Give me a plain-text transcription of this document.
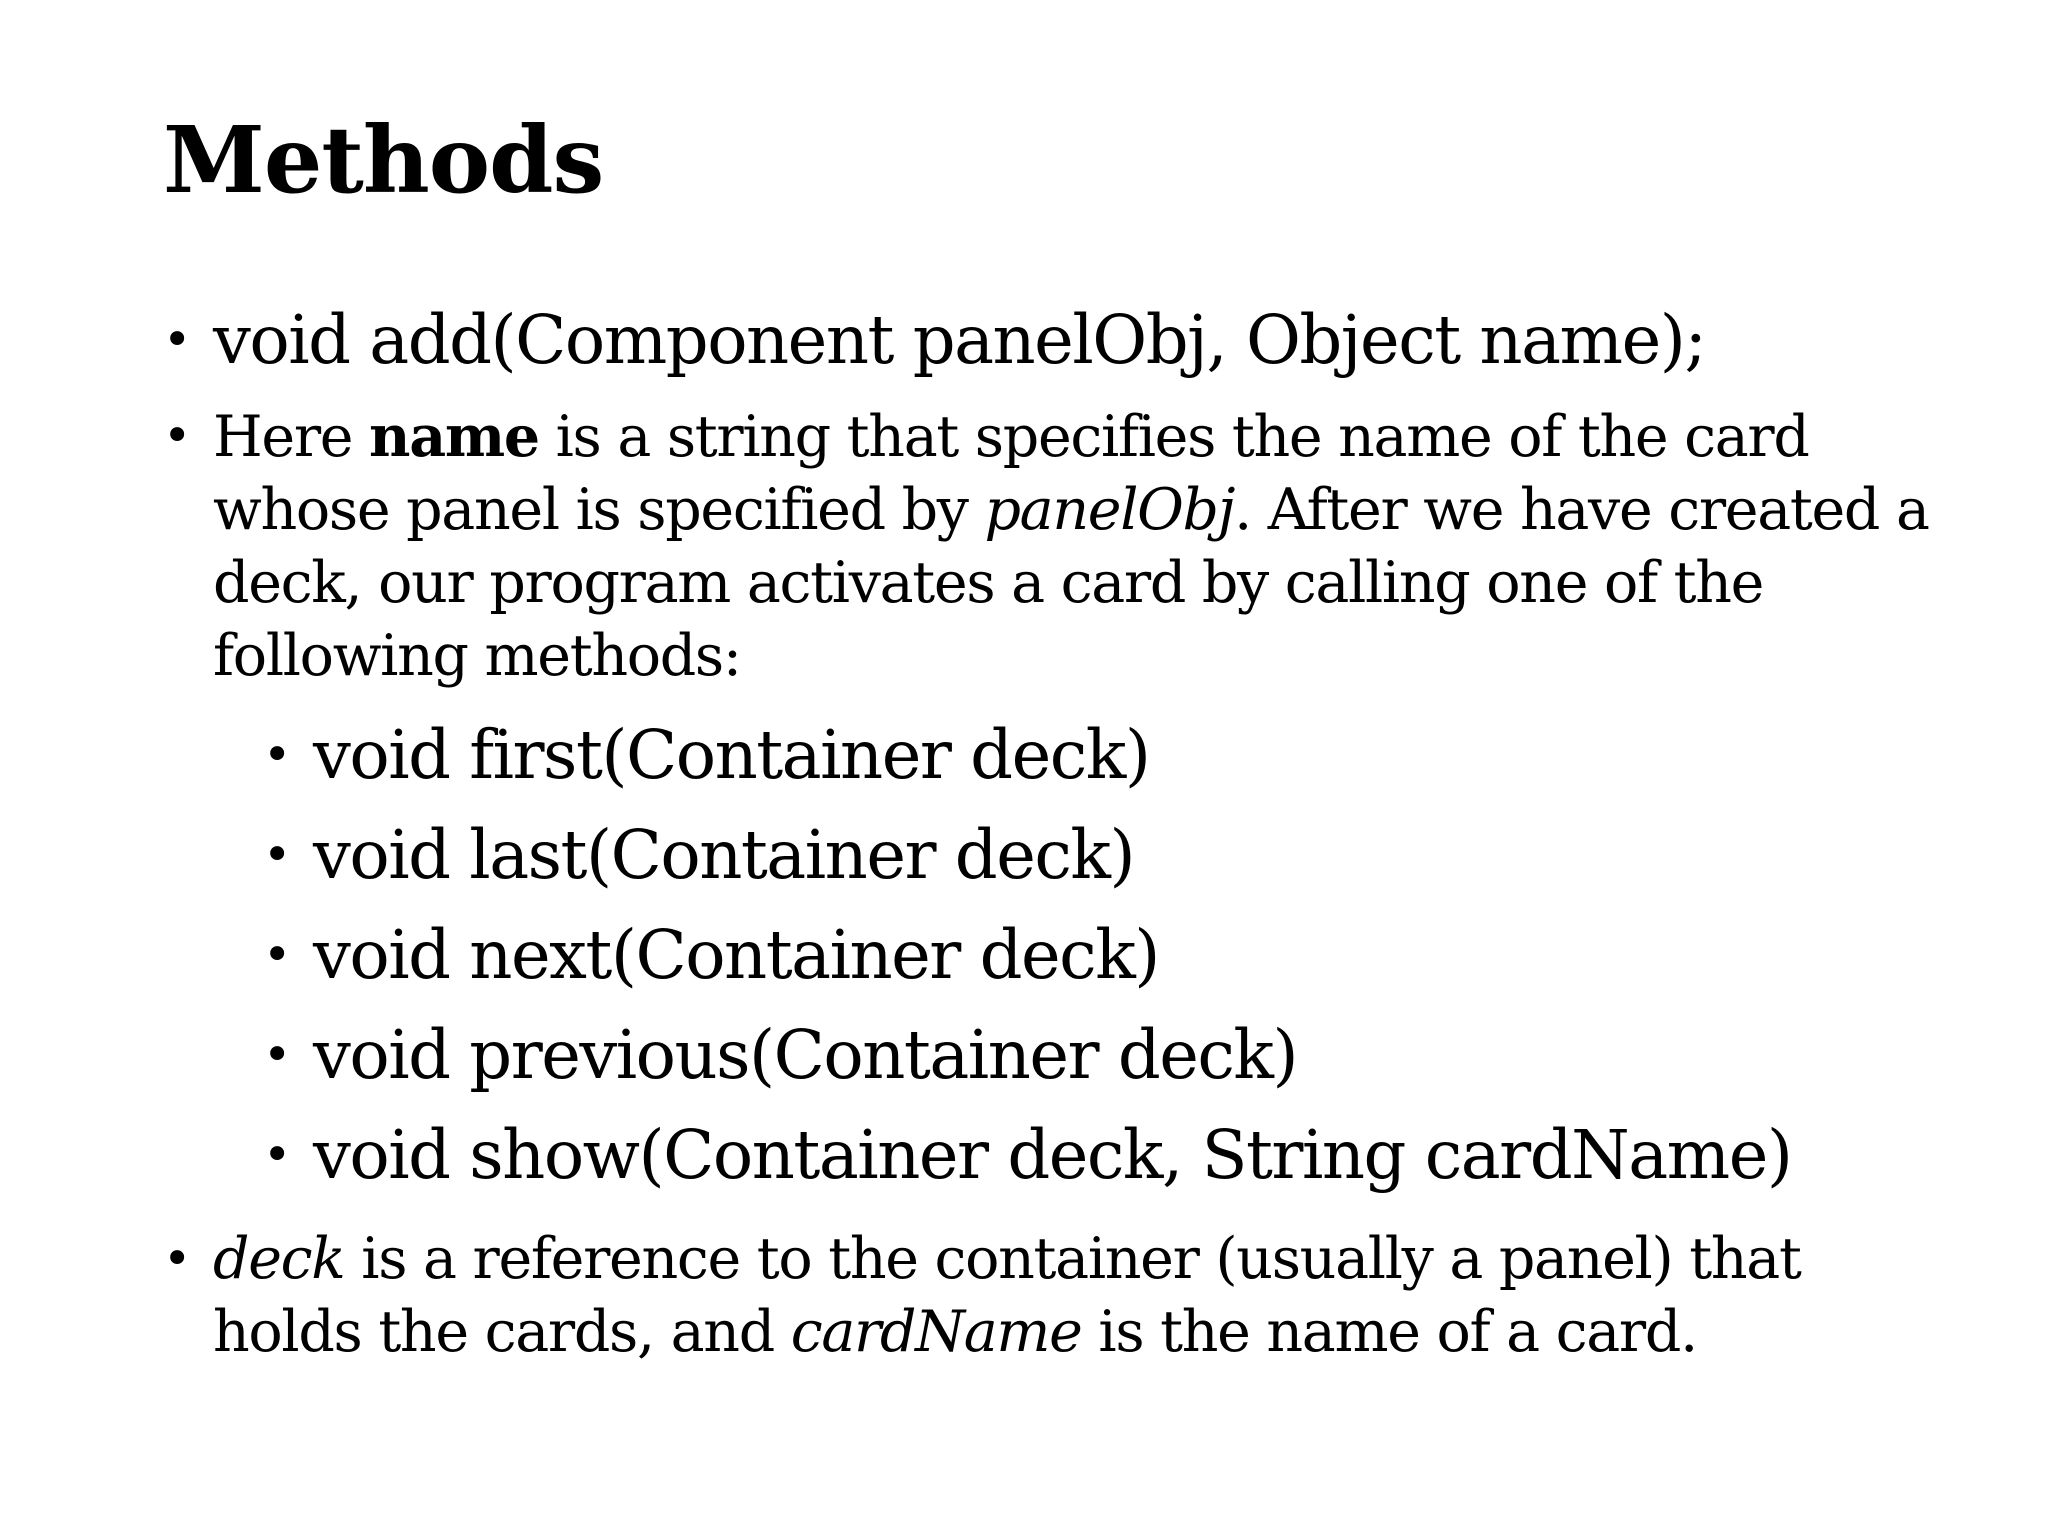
Methods
• void add(Component panelObj, Object name);
• Here name is a string that specifies the name of the card whose panel is specified by panelObj. After we have created a deck, our program activates a card by calling one of the following methods:
• void first(Container deck)
• void last(Container deck)
• void next(Container deck)
• void previous(Container deck)
• void show(Container deck, String cardName)
• deck is a reference to the container (usually a panel) that holds the cards, and cardName is the name of a card.
